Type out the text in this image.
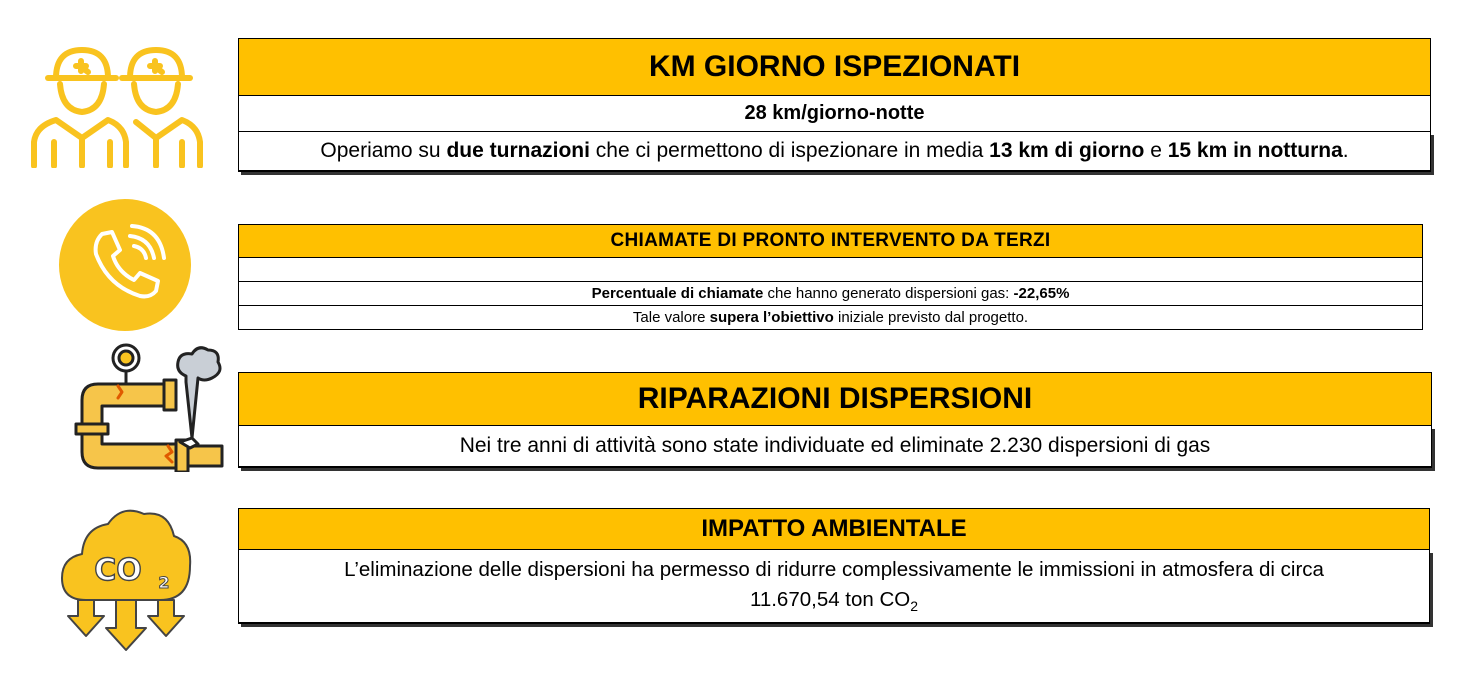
KM GIORNO ISPEZIONATI
28 km/giorno-notte
Operiamo su due turnazioni che ci permettono di ispezionare in media 13 km di giorno e 15 km in notturna.
CHIAMATE DI PRONTO INTERVENTO DA TERZI
Percentuale di chiamate che hanno generato dispersioni gas: -22,65%
Tale valore supera l’obiettivo iniziale previsto dal progetto.
RIPARAZIONI DISPERSIONI
Nei tre anni di attività sono state individuate ed eliminate 2.230 dispersioni di gas
CO 2
IMPATTO AMBIENTALE
L’eliminazione delle dispersioni ha permesso di ridurre complessivamente le immissioni in atmosfera di circa
11.670,54 ton $CO_2$
